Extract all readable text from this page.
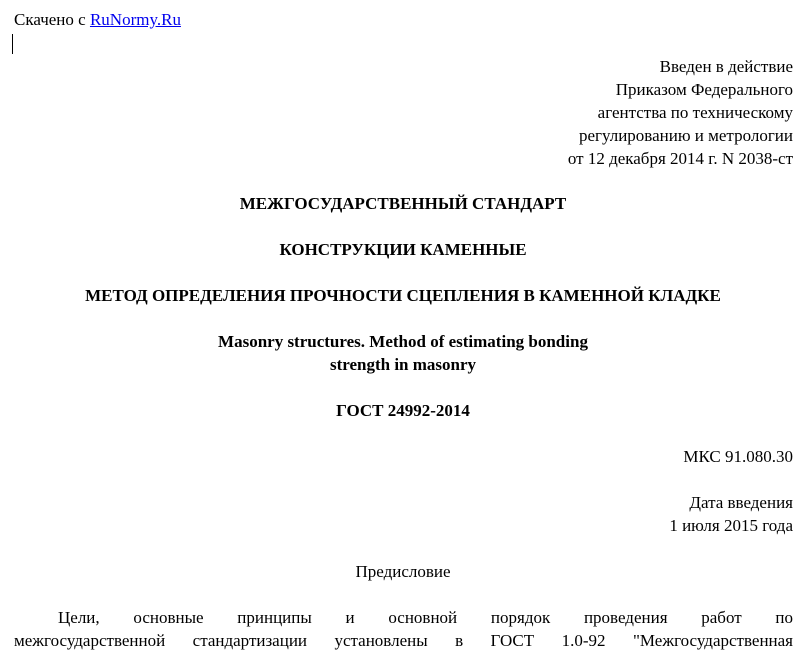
Скачено с RuNormy.Ru
Введен в действие
Приказом Федерального
агентства по техническому
регулированию и метрологии
от 12 декабря 2014 г. N 2038-ст
МЕЖГОСУДАРСТВЕННЫЙ СТАНДАРТ
КОНСТРУКЦИИ КАМЕННЫЕ
МЕТОД ОПРЕДЕЛЕНИЯ ПРОЧНОСТИ СЦЕПЛЕНИЯ В КАМЕННОЙ КЛАДКЕ
Masonry structures. Method of estimating bonding
strength in masonry
ГОСТ 24992-2014
МКС 91.080.30
Дата введения
1 июля 2015 года
Предисловие
Цели, основные принципы и основной порядок проведения работ по
межгосударственной стандартизации установлены в ГОСТ 1.0-92 "Межгосударственная
